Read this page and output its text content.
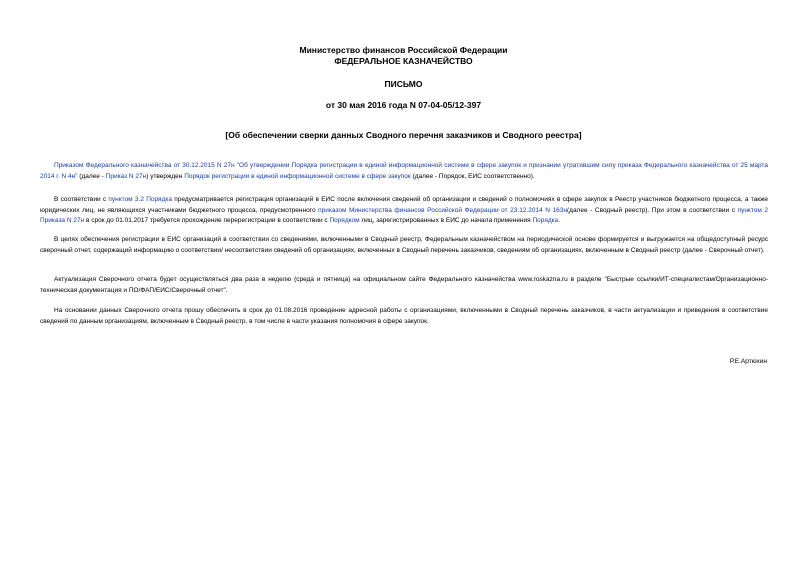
Министерство финансов Российской Федерации
ФЕДЕРАЛЬНОЕ КАЗНАЧЕЙСТВО
ПИСЬМО
от 30 мая 2016 года N 07-04-05/12-397
[Об обеспечении сверки данных Сводного перечня заказчиков и Сводного реестра]

Приказом Федерального казначейства от 30.12.2015 N 27н "Об утверждении Порядка регистрации в единой информационной системе в сфере закупок и признании утратившим силу приказа Федерального казначейства от 25 марта 2014 г. N 4н" (далее - Приказ N 27н) утвержден Порядок регистрации в единой информационной системе в сфере закупок (далее - Порядок, ЕИС соответственно).

В соответствии с пунктом 3.2 Порядка предусматривается регистрация организаций в ЕИС после включения сведений об организации и сведений о полномочиях в сфере закупок в Реестр участников бюджетного процесса, а также юридических лиц, не являющихся участниками бюджетного процесса, предусмотренного приказом Министерства финансов Российской Федерации от 23.12.2014 N 163н(далее - Сводный реестр). При этом в соответствии с пунктом 2 Приказа N 27н в срок до 01.01.2017 требуется прохождение перерегистрации в соответствии с Порядком лиц, зарегистрированных в ЕИС до начала применения Порядка.

В целях обеспечения регистрации в ЕИС организаций в соответствии со сведениями, включенными в Сводный реестр, Федеральным казначейством на периодической основе формируется и выгружается на общедоступный ресурс сверочный отчет, содержащий информацию о соответствии/ несоответствии сведений об организациях, включенных в Сводный перечень заказчиков, сведениям об организациях, включенным в Сводный реестр (далее - Сверочный отчет).

Актуализация Сверочного отчета будет осуществляться два раза в неделю (среда и пятница) на официальном сайте Федерального казначейства www.roskazna.ru в разделе "Быстрые ссылки/ИТ-специалистам/Организационно-техническая документация и ПО/ФАП/ЕИС/Сверочный отчет".

На основании данных Сверочного отчета прошу обеспечить в срок до 01.08.2016 проведение адресной работы с организациями, включенными в Сводный перечень заказчиков, в части актуализации и приведения в соответствие сведений по данным организациям, включенным в Сводный реестр, в том числе в части указания полномочия в сфере закупок.

Р.Е.Артюхин
